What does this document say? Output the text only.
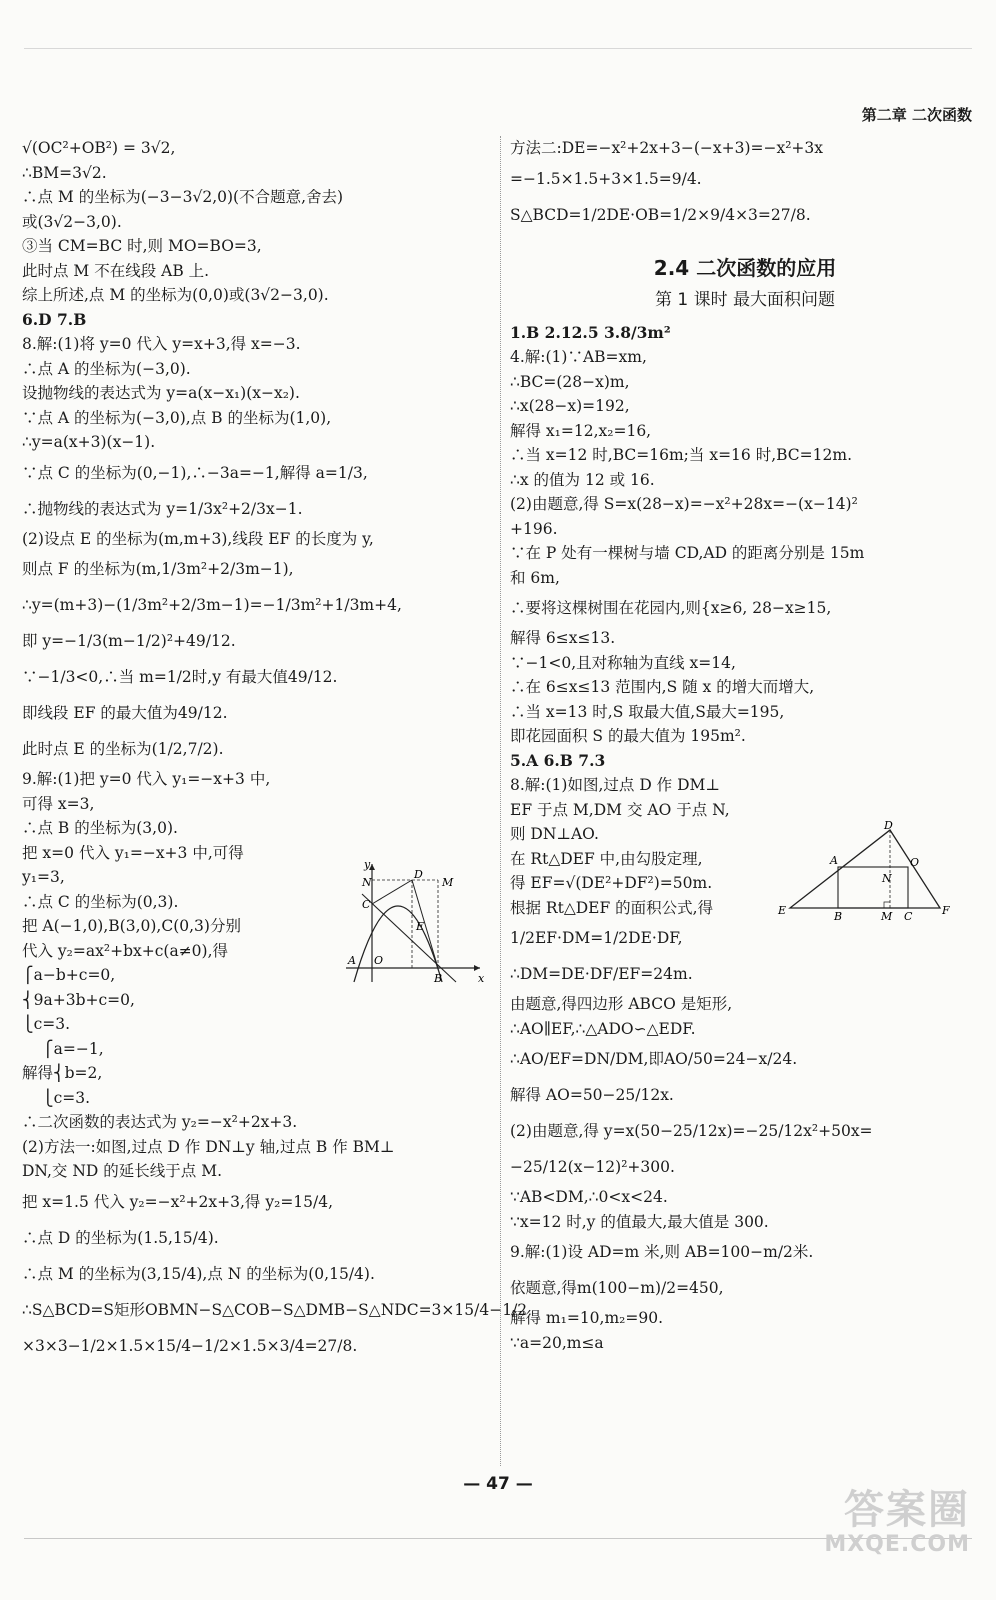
第二章 二次函数
√(OC²+OB²) = 3√2,
∴BM=3√2.
∴点 M 的坐标为(−3−3√2,0)(不合题意,舍去)
或(3√2−3,0).
③当 CM=BC 时,则 MO=BO=3,
此时点 M 不在线段 AB 上.
综上所述,点 M 的坐标为(0,0)或(3√2−3,0).
6.D 7.B
8.解:(1)将 y=0 代入 y=x+3,得 x=−3.
∴点 A 的坐标为(−3,0).
设抛物线的表达式为 y=a(x−x₁)(x−x₂).
∵点 A 的坐标为(−3,0),点 B 的坐标为(1,0),
∴y=a(x+3)(x−1).
∵点 C 的坐标为(0,−1),∴−3a=−1,解得 a=1/3,
∴抛物线的表达式为 y=1/3x²+2/3x−1.
(2)设点 E 的坐标为(m,m+3),线段 EF 的长度为 y,
则点 F 的坐标为(m,1/3m²+2/3m−1),
∴y=(m+3)−(1/3m²+2/3m−1)=−1/3m²+1/3m+4,
即 y=−1/3(m−1/2)²+49/12.
∵−1/3<0,∴当 m=1/2时,y 有最大值49/12.
即线段 EF 的最大值为49/12.
此时点 E 的坐标为(1/2,7/2).
9.解:(1)把 y=0 代入 y₁=−x+3 中,
可得 x=3,
∴点 B 的坐标为(3,0).
把 x=0 代入 y₁=−x+3 中,可得
y₁=3,
∴点 C 的坐标为(0,3).
把 A(−1,0),B(3,0),C(0,3)分别
代入 y₂=ax²+bx+c(a≠0),得
⎧a−b+c=0,
⎨9a+3b+c=0,
⎩c=3.
⎧a=−1,
解得⎨b=2,
⎩c=3.
∴二次函数的表达式为 y₂=−x²+2x+3.
(2)方法一:如图,过点 D 作 DN⊥y 轴,过点 B 作 BM⊥
DN,交 ND 的延长线于点 M.
把 x=1.5 代入 y₂=−x²+2x+3,得 y₂=15/4,
∴点 D 的坐标为(1.5,15/4).
∴点 M 的坐标为(3,15/4),点 N 的坐标为(0,15/4).
∴S△BCD=S矩形OBMN−S△COB−S△DMB−S△NDC=3×15/4−1/2
×3×3−1/2×1.5×15/4−1/2×1.5×3/4=27/8.
y
x
D
M
N
C
E
A O
B
方法二:DE=−x²+2x+3−(−x+3)=−x²+3x
=−1.5×1.5+3×1.5=9/4.
S△BCD=1/2DE·OB=1/2×9/4×3=27/8.
2.4 二次函数的应用
第 1 课时 最大面积问题
1.B 2.12.5 3.8/3m²
4.解:(1)∵AB=xm,
∴BC=(28−x)m,
∴x(28−x)=192,
解得 x₁=12,x₂=16,
∴当 x=12 时,BC=16m;当 x=16 时,BC=12m.
∴x 的值为 12 或 16.
(2)由题意,得 S=x(28−x)=−x²+28x=−(x−14)²
+196.
∵在 P 处有一棵树与墙 CD,AD 的距离分别是 15m
和 6m,
∴要将这棵树围在花园内,则{x≥6, 28−x≥15,
解得 6≤x≤13.
∵−1<0,且对称轴为直线 x=14,
∴在 6≤x≤13 范围内,S 随 x 的增大而增大,
∴当 x=13 时,S 取最大值,S最大=195,
即花园面积 S 的最大值为 195m².
5.A 6.B 7.3
8.解:(1)如图,过点 D 作 DM⊥
EF 于点 M,DM 交 AO 于点 N,
则 DN⊥AO.
在 Rt△DEF 中,由勾股定理,
得 EF=√(DE²+DF²)=50m.
根据 Rt△DEF 的面积公式,得
1/2EF·DM=1/2DE·DF,
∴DM=DE·DF/EF=24m.
由题意,得四边形 ABCO 是矩形,
∴AO∥EF,∴△ADO∽△EDF.
∴AO/EF=DN/DM,即AO/50=24−x/24.
解得 AO=50−25/12x.
(2)由题意,得 y=x(50−25/12x)=−25/12x²+50x=
−25/12(x−12)²+300.
∵AB<DM,∴0<x<24.
∵x=12 时,y 的值最大,最大值是 300.
9.解:(1)设 AD=m 米,则 AB=100−m/2米.
依题意,得m(100−m)/2=450,
解得 m₁=10,m₂=90.
∵a=20,m≤a
D
A	O
N
E	B	M C	F
— 47 —
答案圈
MXQE.COM
